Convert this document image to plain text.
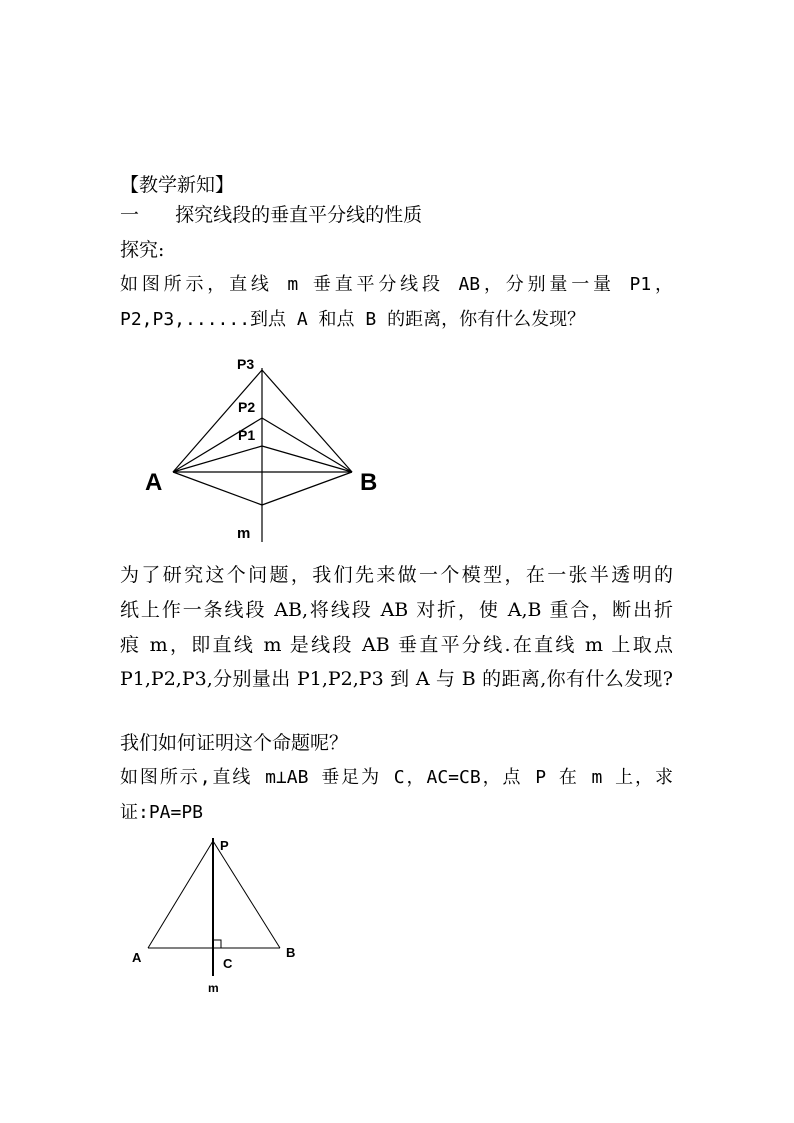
【教学新知】
一 探究线段的垂直平分线的性质
探究:
如图所示，直线 m 垂直平分线段 AB，分别量一量 P1，
P2,P3,......到点 A 和点 B 的距离，你有什么发现？
P3
P2
P1
A	B
m
为了研究这个问题，我们先来做一个模型，在一张半透明的
纸上作一条线段 AB,将线段 AB 对折，使 A,B 重合，断出折
痕 m，即直线 m 是线段 AB 垂直平分线.在直线 m 上取点
P1,P2,P3,分别量出 P1,P2,P3 到 A 与 B 的距离,你有什么发现?
我们如何证明这个命题呢？
如图所示,直线 m⊥AB 垂足为 C，AC=CB，点 P 在 m 上，求
证:PA=PB
P
A	B
C
m
